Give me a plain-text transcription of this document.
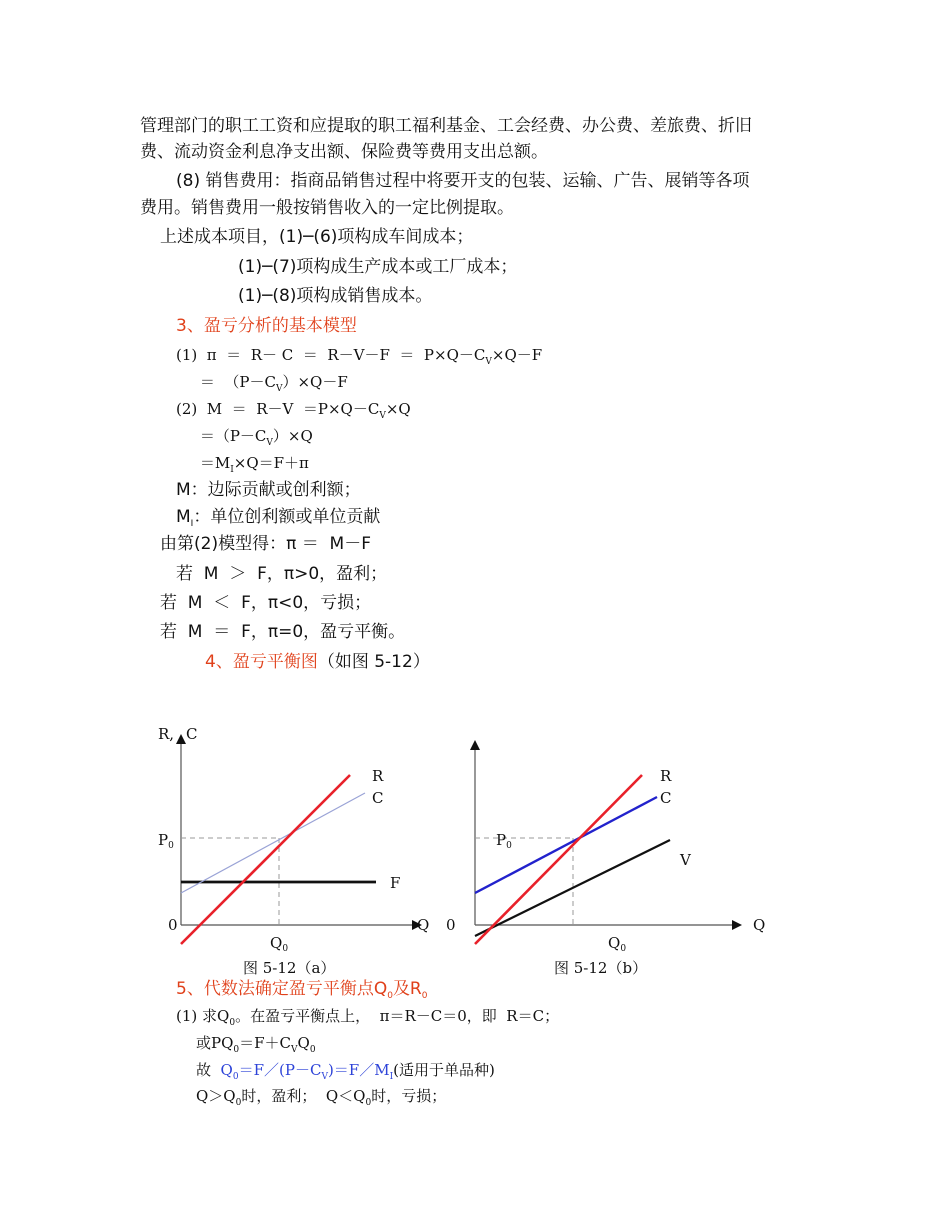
管理部门的职工工资和应提取的职工福利基金、工会经费、办公费、差旅费、折旧
费、流动资金利息净支出额、保险费等费用支出总额。
(8) 销售费用：指商品销售过程中将要开支的包装、运输、广告、展销等各项
费用。销售费用一般按销售收入的一定比例提取。
上述成本项目，(1)─(6)项构成车间成本；
(1)─(7)项构成生产成本或工厂成本；
(1)─(8)项构成销售成本。
3、盈亏分析的基本模型
(1)  $\pi = R- C = R-V-F = P\times Q-C_V\times Q-F$
＝  $(P-C_V)\times Q-F$
(2)  $M = R-V =P\times Q-C_V\times Q$
$=(P-C_V)\times Q$
$=M_I\times Q=F+\pi$
M：边际贡献或创利额；
$M_I$：单位创利额或单位贡献
由第(2)模型得：π ＝  M－F
若  M  ＞  F，π>0，盈利；
若  M  ＜  F，π<0，亏损；
若  M  ＝  F，π=0，盈亏平衡。
4、盈亏平衡图（如图 5-12）
R, C
$P_0$
0	Q
$Q_0$
R
C
F
$P_0$
0	Q
$Q_0$
R
C
V
图 5-12（a）	图 5-12（b）
5、代数法确定盈亏平衡点$Q_0$及$R_0$
(1) 求$Q_0$。在盈亏平衡点上，  π＝R－C＝0，即  R＝C；
或$PQ_0=F+C_VQ_0$
故  $Q_0=F/(P-C_V)=F/M_I$(适用于单品种)
$Q>Q_0$时，盈利；  $Q<Q_0$时，亏损；
